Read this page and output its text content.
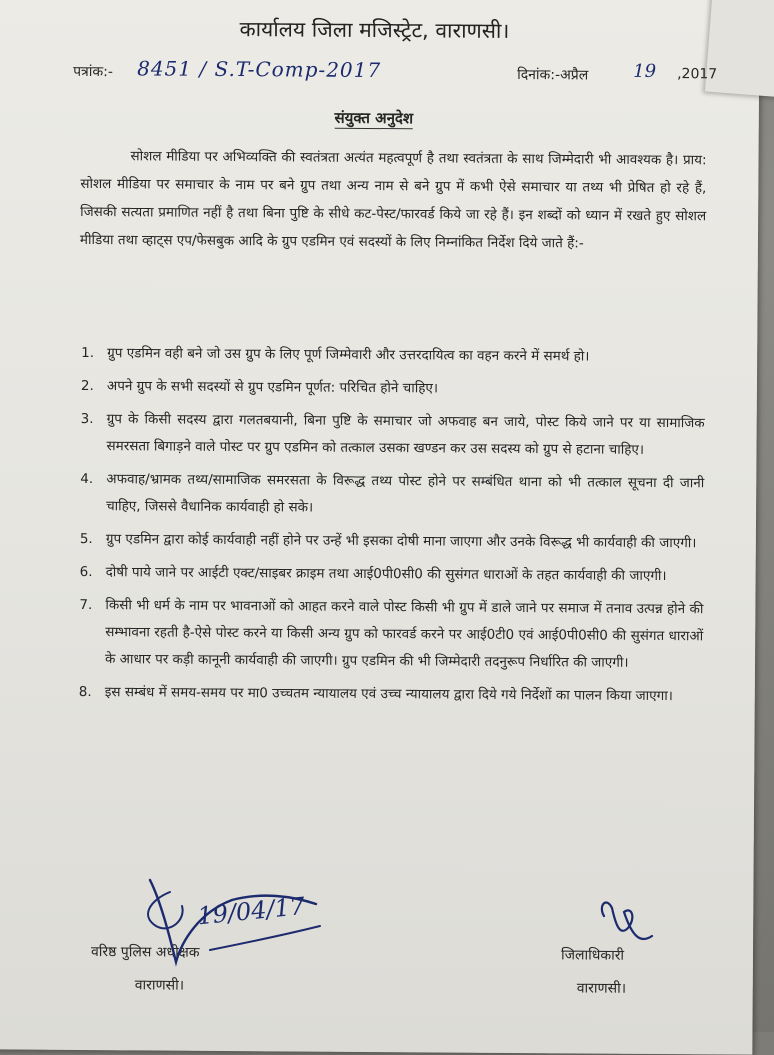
कार्यालय जिला मजिस्ट्रेट, वाराणसी।
पत्रांक:- 8451 / S.T-Comp-2017	दिनांक:-अप्रैल 19 ,2017
संयुक्त अनुदेश
सोशल मीडिया पर अभिव्यक्ति की स्वतंत्रता अत्यंत महत्वपूर्ण है तथा स्वतंत्रता के साथ जिम्मेदारी भी आवश्यक है। प्राय: सोशल मीडिया पर समाचार के नाम पर बने ग्रुप तथा अन्य नाम से बने ग्रुप में कभी ऐसे समाचार या तथ्य भी प्रेषित हो रहे हैं, जिसकी सत्यता प्रमाणित नहीं है तथा बिना पुष्टि के सीधे कट-पेस्ट/फारवर्ड किये जा रहे हैं। इन शब्दों को ध्यान में रखते हुए सोशल मीडिया तथा व्हाट्स एप/फेसबुक आदि के ग्रुप एडमिन एवं सदस्यों के लिए निम्नांकित निर्देश दिये जाते हैं:-
1. ग्रुप एडमिन वही बने जो उस ग्रुप के लिए पूर्ण जिम्मेवारी और उत्तरदायित्व का वहन करने में समर्थ हो।
2. अपने ग्रुप के सभी सदस्यों से ग्रुप एडमिन पूर्णत: परिचित होने चाहिए।
3. ग्रुप के किसी सदस्य द्वारा गलतबयानी, बिना पुष्टि के समाचार जो अफवाह बन जाये, पोस्ट किये जाने पर या सामाजिक समरसता बिगाड़ने वाले पोस्ट पर ग्रुप एडमिन को तत्काल उसका खण्डन कर उस सदस्य को ग्रुप से हटाना चाहिए।
4. अफवाह/भ्रामक तथ्य/सामाजिक समरसता के विरूद्ध तथ्य पोस्ट होने पर सम्बंधित थाना को भी तत्काल सूचना दी जानी चाहिए, जिससे वैधानिक कार्यवाही हो सके।
5. ग्रुप एडमिन द्वारा कोई कार्यवाही नहीं होने पर उन्हें भी इसका दोषी माना जाएगा और उनके विरूद्ध भी कार्यवाही की जाएगी।
6. दोषी पाये जाने पर आईटी एक्ट/साइबर क्राइम तथा आई0पी0सी0 की सुसंगत धाराओं के तहत कार्यवाही की जाएगी।
7. किसी भी धर्म के नाम पर भावनाओं को आहत करने वाले पोस्ट किसी भी ग्रुप में डाले जाने पर समाज में तनाव उत्पन्न होने की सम्भावना रहती है-ऐसे पोस्ट करने या किसी अन्य ग्रुप को फारवर्ड करने पर आई0टी0 एवं आई0पी0सी0 की सुसंगत धाराओं के आधार पर कड़ी कानूनी कार्यवाही की जाएगी। ग्रुप एडमिन की भी जिम्मेदारी तदनुरूप निर्धारित की जाएगी।
8. इस सम्बंध में समय-समय पर मा0 उच्चतम न्यायालय एवं उच्च न्यायालय द्वारा दिये गये निर्देशों का पालन किया जाएगा।
19/04/17
वरिष्ठ पुलिस अधीक्षक
वाराणसी।
जिलाधिकारी
वाराणसी।
